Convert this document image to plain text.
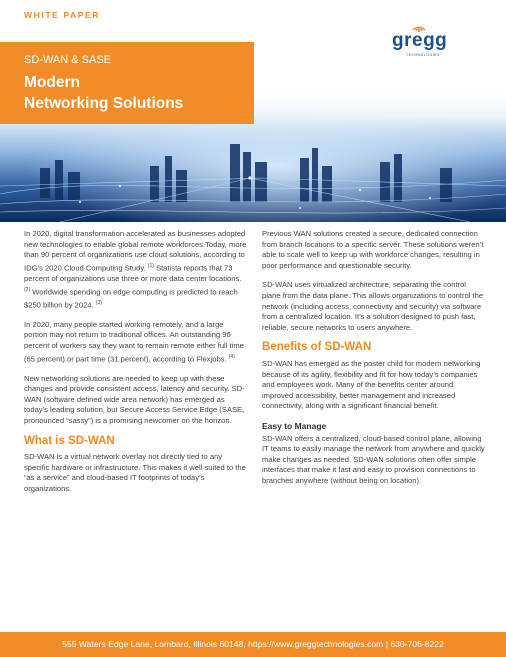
WHITE PAPER
gregg
TECHNOLOGIES
SD-WAN & SASE
Modern
Networking Solutions

In 2020, digital transformation accelerated as businesses adopted new technologies to enable global remote workforces.Today, more than 90 percent of organizations use cloud solutions, according to IDG’s 2020 Cloud Computing Study. $^{(1)}$ Statista reports that 73 percent of organizations use three or more data center locations. $^{(2)}$ Worldwide spending on edge computing is predicted to reach $250 billion by 2024. $^{(3)}$

In 2020, many people started working remotely, and a large portion may not return to traditional offices. An outstanding 96 percent of workers say they want to remain remote either full time (65 percent) or part time (31 percent), according to Flexjobs. $^{(4)}$

New networking solutions are needed to keep up with these changes and provide consistent access, latency and security. SD-WAN (software defined wide area network) has emerged as today’s leading solution, but Secure Access Service Edge (SASE, pronounced “sassy”) is a promising newcomer on the horizon.

What is SD-WAN

SD-WAN is a virtual network overlay not directly tied to any specific hardware or infrastructure. This makes it well suited to the “as a service” and cloud-based IT footprints of today’s organizations.

Previous WAN solutions created a secure, dedicated connection from branch locations to a specific server. These solutions weren’t able to scale well to keep up with workforce changes, resulting in poor performance and questionable security.

SD-WAN uses virtualized architecture, separating the control plane from the data plane. This allows organizations to control the network (including access, connectivity and security) via software from a centralized location. It’s a solution designed to push fast, reliable, secure networks to users anywhere.

Benefits of SD-WAN

SD-WAN has emerged as the poster child for modern networking because of its agility, flexibility and fit for how today’s companies and employees work. Many of the benefits center around improved accessibility, better management and increased connectivity, along with a significant financial benefit.

Easy to Manage

SD-WAN offers a centralized, cloud-based control plane, allowing IT teams to easily manage the network from anywhere and quickly make changes as needed. SD-WAN solutions often offer simple interfaces that make it fast and easy to provision connections to branches anywhere (without being on location).

555 Waters Edge Lane, Lombard, Illinois 60148, https://www.greggtechnologies.com | 630-706-8222
